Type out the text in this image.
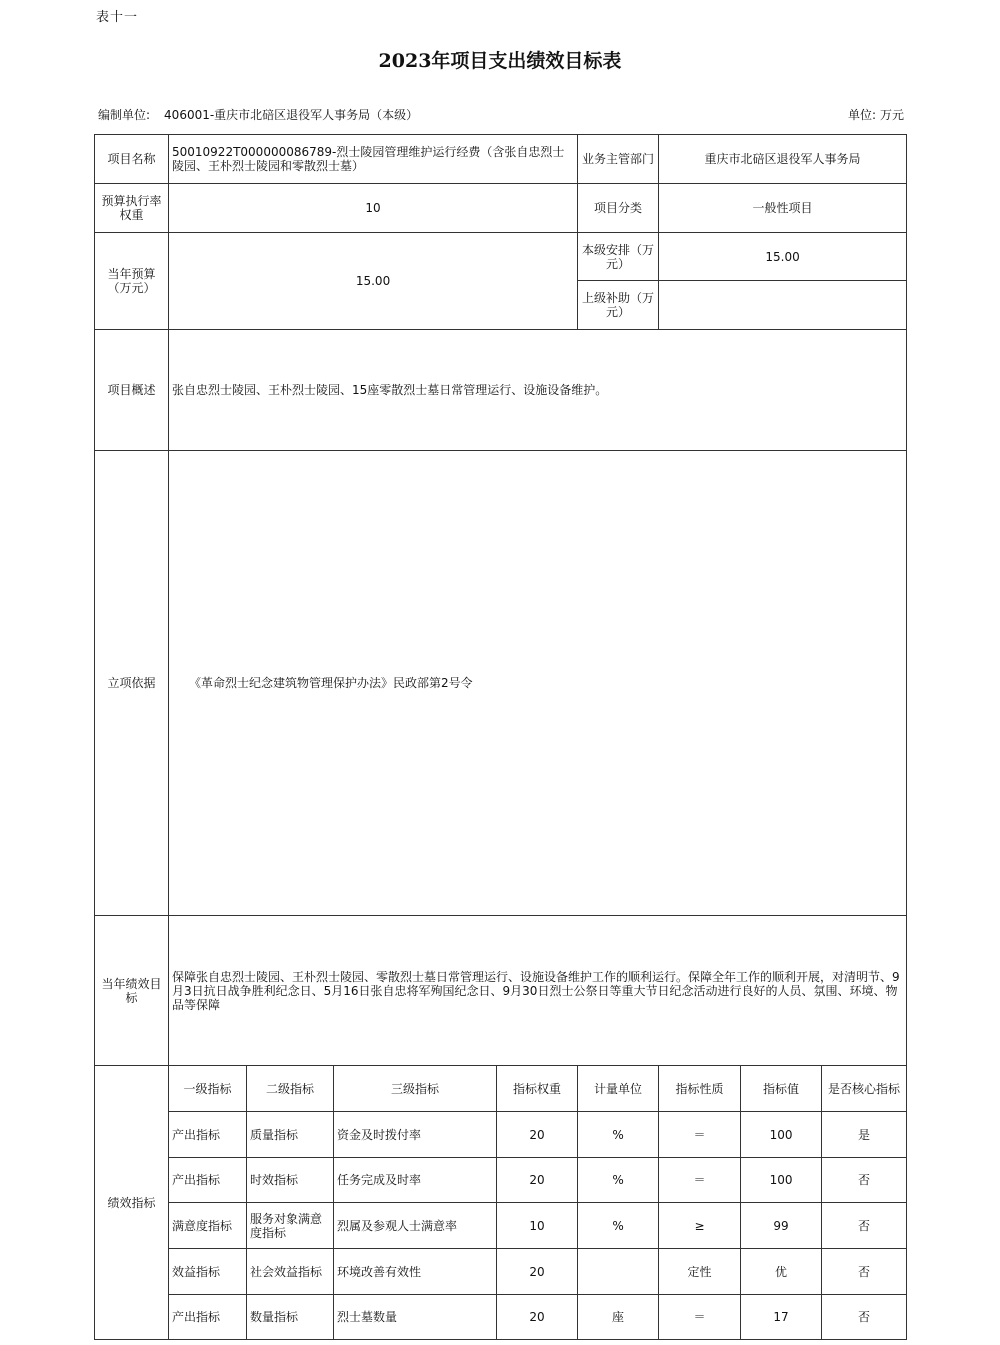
表十一
2023年项目支出绩效目标表
编制单位: 406001-重庆市北碚区退役军人事务局（本级）	单位: 万元
项目名称	50010922T000000086789-烈士陵园管理维护运行经费（含张自忠烈士陵园、王朴烈士陵园和零散烈士墓）				业务主管部门	重庆市北碚区退役军人事务局		
预算执行率权重	10				项目分类	一般性项目		
当年预算（万元）	15.00				本级安排（万元）	15.00		
					上级补助（万元）			
项目概述	张自忠烈士陵园、王朴烈士陵园、15座零散烈士墓日常管理运行、设施设备维护。							
立项依据	《革命烈士纪念建筑物管理保护办法》民政部第2号令							
当年绩效目标	保障张自忠烈士陵园、王朴烈士陵园、零散烈士墓日常管理运行、设施设备维护工作的顺利运行。保障全年工作的顺利开展，对清明节、9月3日抗日战争胜利纪念日、5月16日张自忠将军殉国纪念日、9月30日烈士公祭日等重大节日纪念活动进行良好的人员、氛围、环境、物品等保障							
绩效指标	一级指标	二级指标	三级指标	指标权重	计量单位	指标性质	指标值	是否核心指标
	产出指标	质量指标	资金及时拨付率	20	%	＝	100	是
	产出指标	时效指标	任务完成及时率	20	%	＝	100	否
	满意度指标	服务对象满意度指标	烈属及参观人士满意率	10	%	≥	99	否
	效益指标	社会效益指标	环境改善有效性	20		定性	优	否
	产出指标	数量指标	烈士墓数量	20	座	＝	17	否
